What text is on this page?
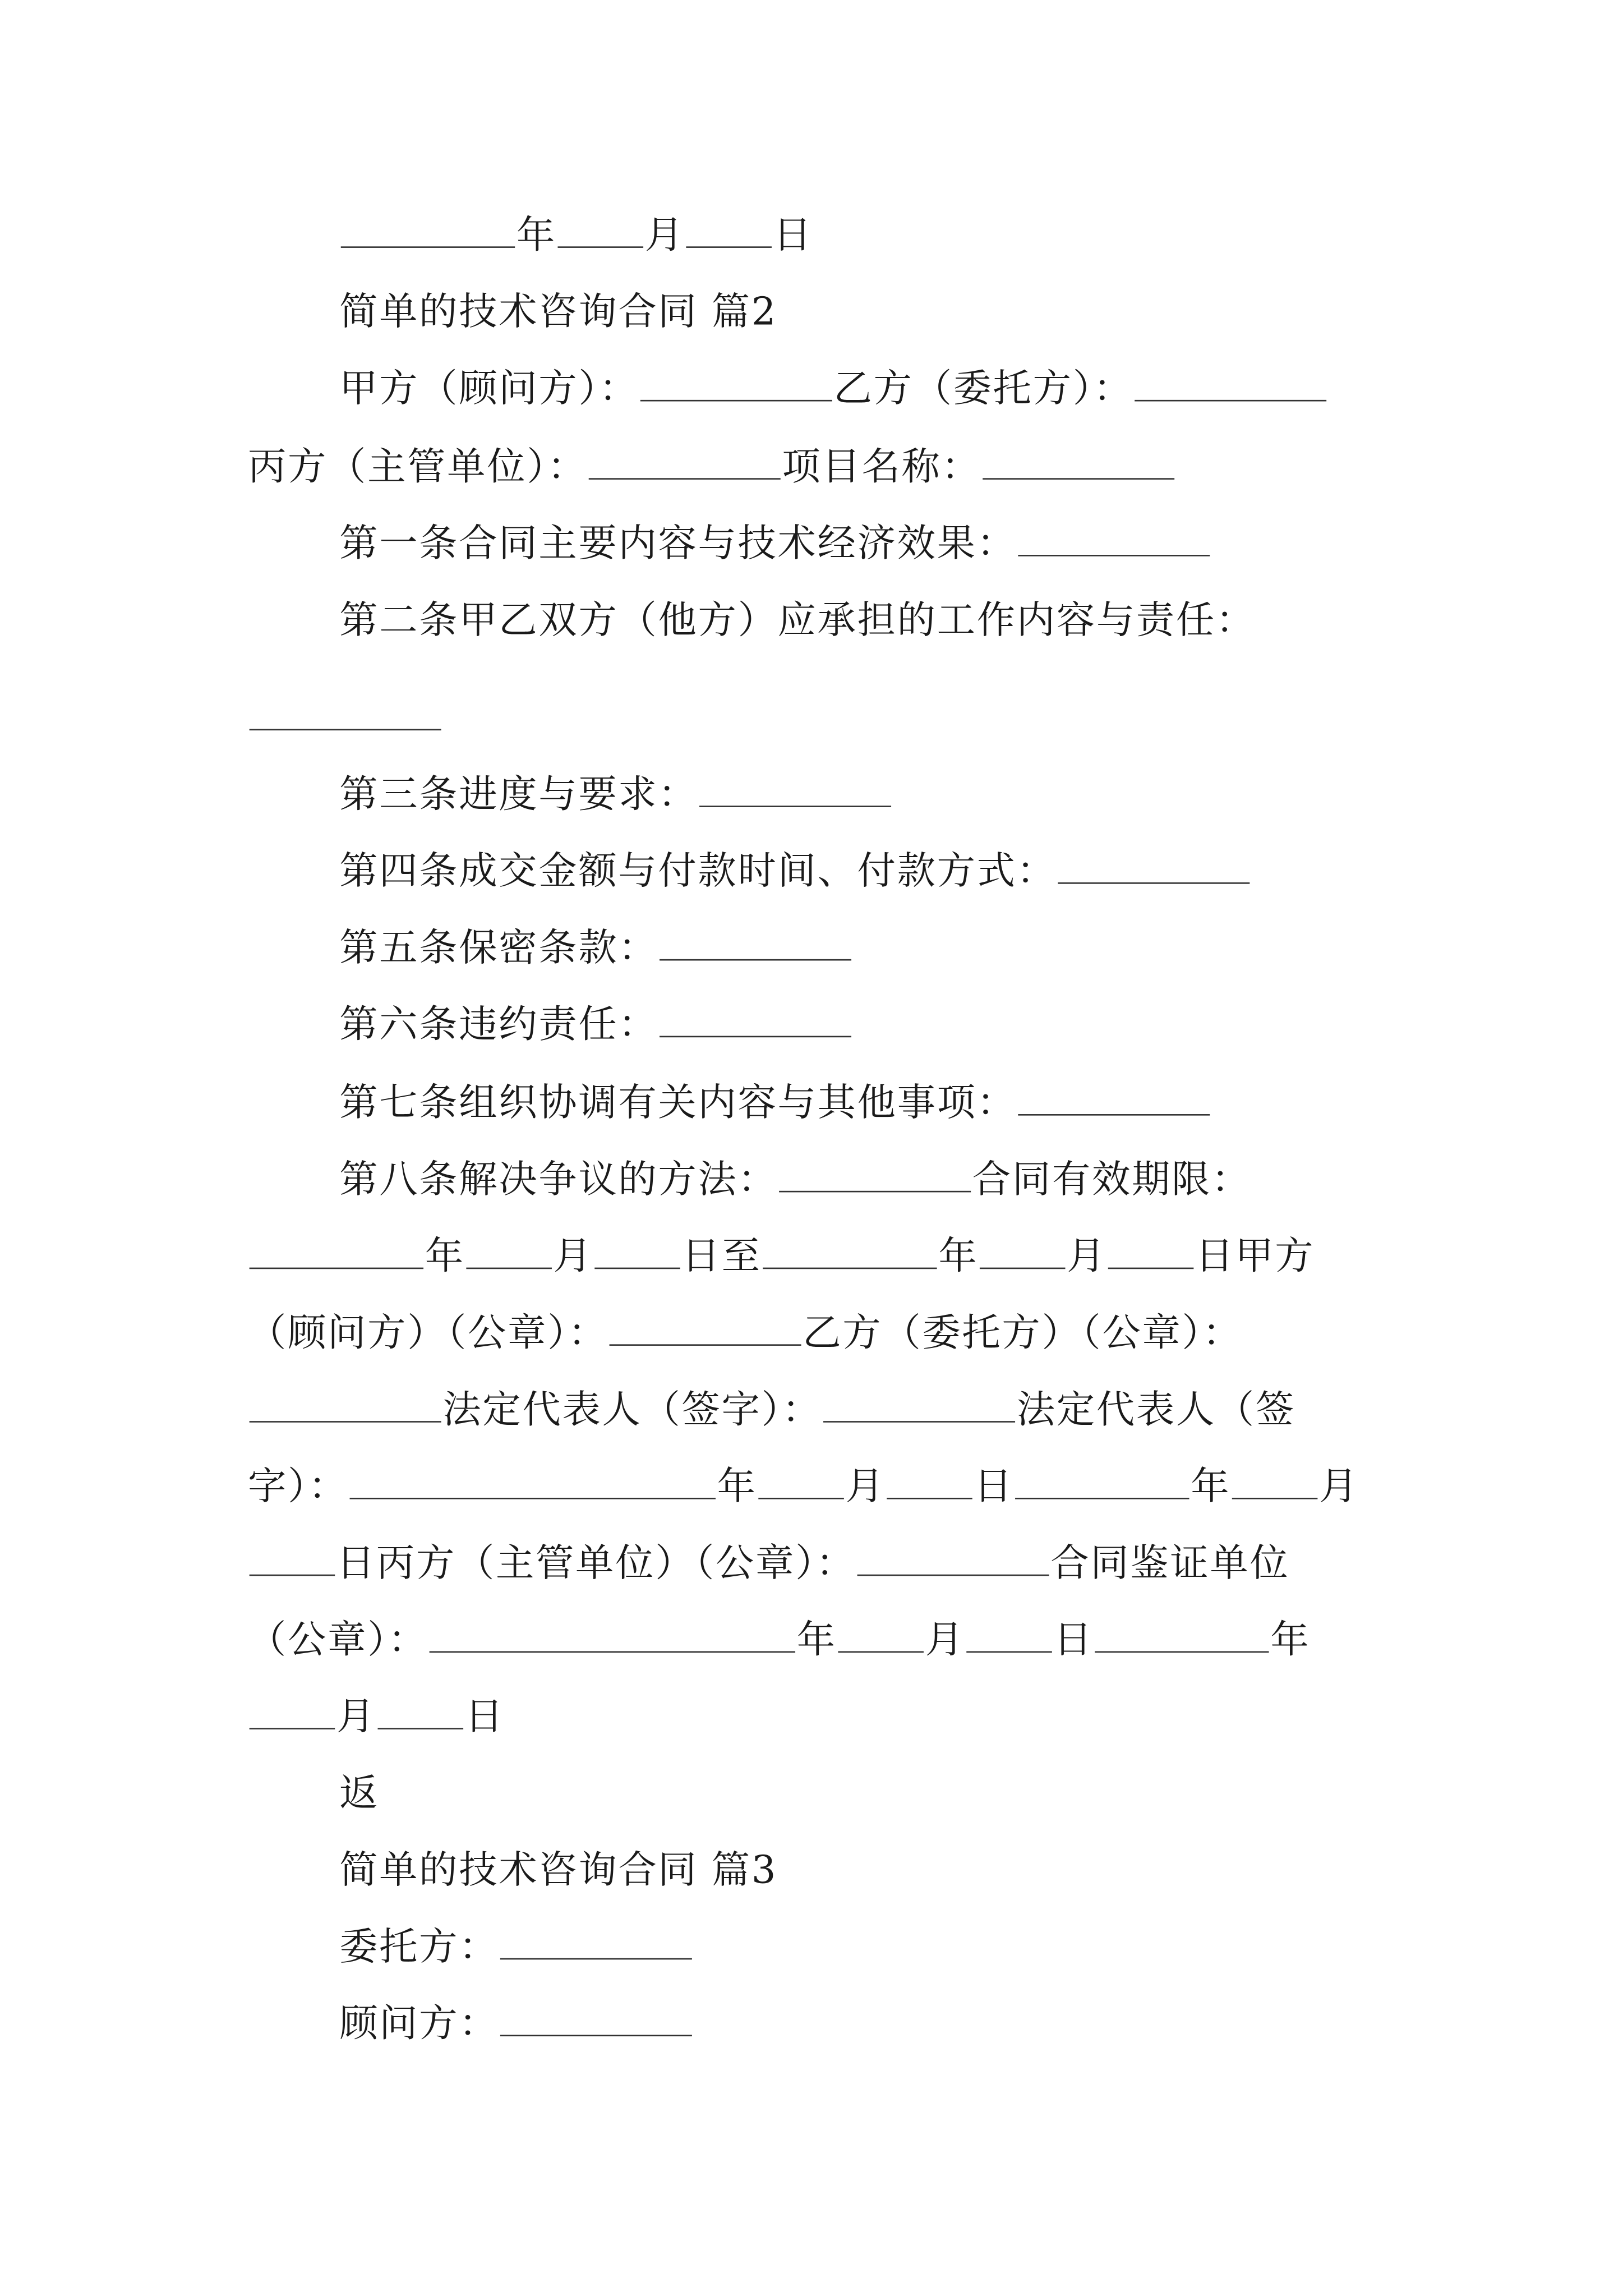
年	月	日
简单的技术咨询合同 篇2
甲方（顾问方）：	乙方（委托方）：
丙方（主管单位）：	项目名称：
第一条合同主要内容与技术经济效果：
第二条甲乙双方（他方）应承担的工作内容与责任：
第三条进度与要求：
第四条成交金额与付款时间、付款方式：
第五条保密条款：
第六条违约责任：
第七条组织协调有关内容与其他事项：
第八条解决争议的方法：	合同有效期限：
年	月	日至	年	月	日甲方
（顾问方）（公章）：	乙方（委托方）（公章）：
法定代表人（签字）：	法定代表人（签
字）：	年	月	日	年	月
日丙方（主管单位）（公章）：	合同鉴证单位
（公章）：	年	月	日	年
月	日
返
简单的技术咨询合同 篇3
委托方：
顾问方：
